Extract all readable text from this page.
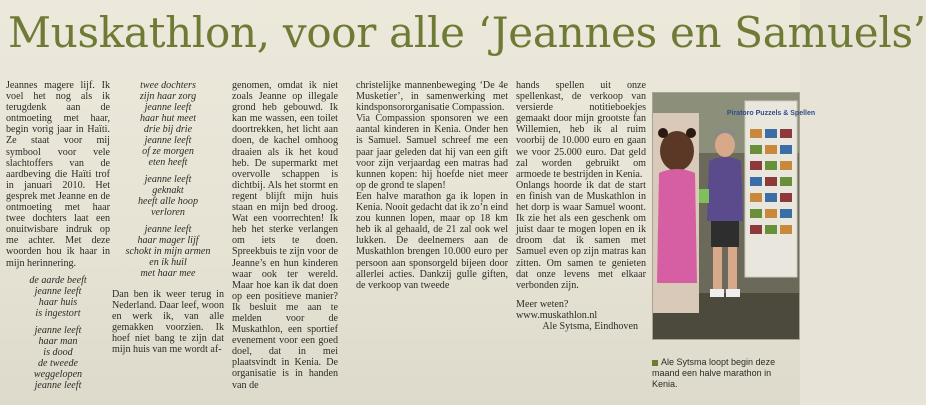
Muskathlon, voor alle ‘Jeannes en Samuels’

Jeannes magere lijf. Ik voel het nog als ik terugdenk aan de ontmoeting met haar, begin vorig jaar in Haïti. Ze staat voor mij symbool voor vele slachtoffers van de aardbeving die Haïti trof in januari 2010. Het gesprek met Jeanne en de ontmoeting met haar twee dochters laat een onuitwisbare indruk op me achter. Met deze woorden hou ik haar in mijn herinnering.

de aarde beeft
jeanne leeft
haar huis
is ingestort
jeanne leeft
haar man
is dood
de tweede
weggelopen
jeanne leeft
twee dochters
zijn haar zorg
jeanne leeft
haar hut meet
drie bij drie
jeanne leeft
of ze morgen
eten heeft
jeanne leeft
geknakt
heeft alle hoop
verloren
jeanne leeft
haar mager lijf
schokt in mijn armen
en ik huil
met haar mee

Dan ben ik weer terug in Nederland. Daar leef, woon en werk ik, van alle gemakken voorzien. Ik hoef niet bang te zijn dat mijn huis van me wordt af-

genomen, omdat ik niet zoals Jeanne op illegale grond heb gebouwd. Ik kan me wassen, een toilet doortrekken, het licht aan doen, de kachel omhoog draaien als ik het koud heb. De supermarkt met overvolle schappen is dichtbij. Als het stormt en regent blijft mijn huis staan en mijn bed droog. Wat een voorrechten! Ik heb het sterke verlangen om iets te doen. Spreekbuis te zijn voor de Jeanne’s en hun kinderen waar ook ter wereld. Maar hoe kan ik dat doen op een positieve manier? Ik besluit me aan te melden voor de Muskathlon, een sportief evenement voor een goed doel, dat in mei plaatsvindt in Kenia. De organisatie is in handen van de

christelijke mannenbeweging ‘De 4e Musketier’, in samenwerking met kindsponsororganisatie Compassion.

Via Compassion sponsoren we een aantal kinderen in Kenia. Onder hen is Samuel. Samuel schreef me een paar jaar geleden dat hij van een gift voor zijn verjaardag een matras had kunnen kopen: hij hoefde niet meer op de grond te slapen!

Een halve marathon ga ik lopen in Kenia. Nooit gedacht dat ik zo’n eind zou kunnen lopen, maar op 18 km heb ik al gehaald, de 21 zal ook wel lukken. De deelnemers aan de Muskathlon brengen 10.000 euro per persoon aan sponsorgeld bijeen door allerlei acties. Dankzij gulle giften, de verkoop van tweede

hands spellen uit onze spellenkast, de verkoop van versierde notitieboekjes gemaakt door mijn grootste fan Willemien, heb ik al ruim voorbij de 10.000 euro en gaan we voor 25.000 euro. Dat geld zal worden gebruikt om armoede te bestrijden in Kenia.

Onlangs hoorde ik dat de start en finish van de Muskathlon in het dorp is waar Samuel woont. Ik zie het als een geschenk om juist daar te mogen lopen en ik droom dat ik samen met Samuel even op zijn matras kan zitten. Om samen te genieten dat onze levens met elkaar verbonden zijn.

Meer weten?
www.muskathlon.nl
Ale Sytsma, Eindhoven
Piratoro Puzzels & Spellen
Ale Sytsma loopt begin deze maand een halve marathon in Kenia.
